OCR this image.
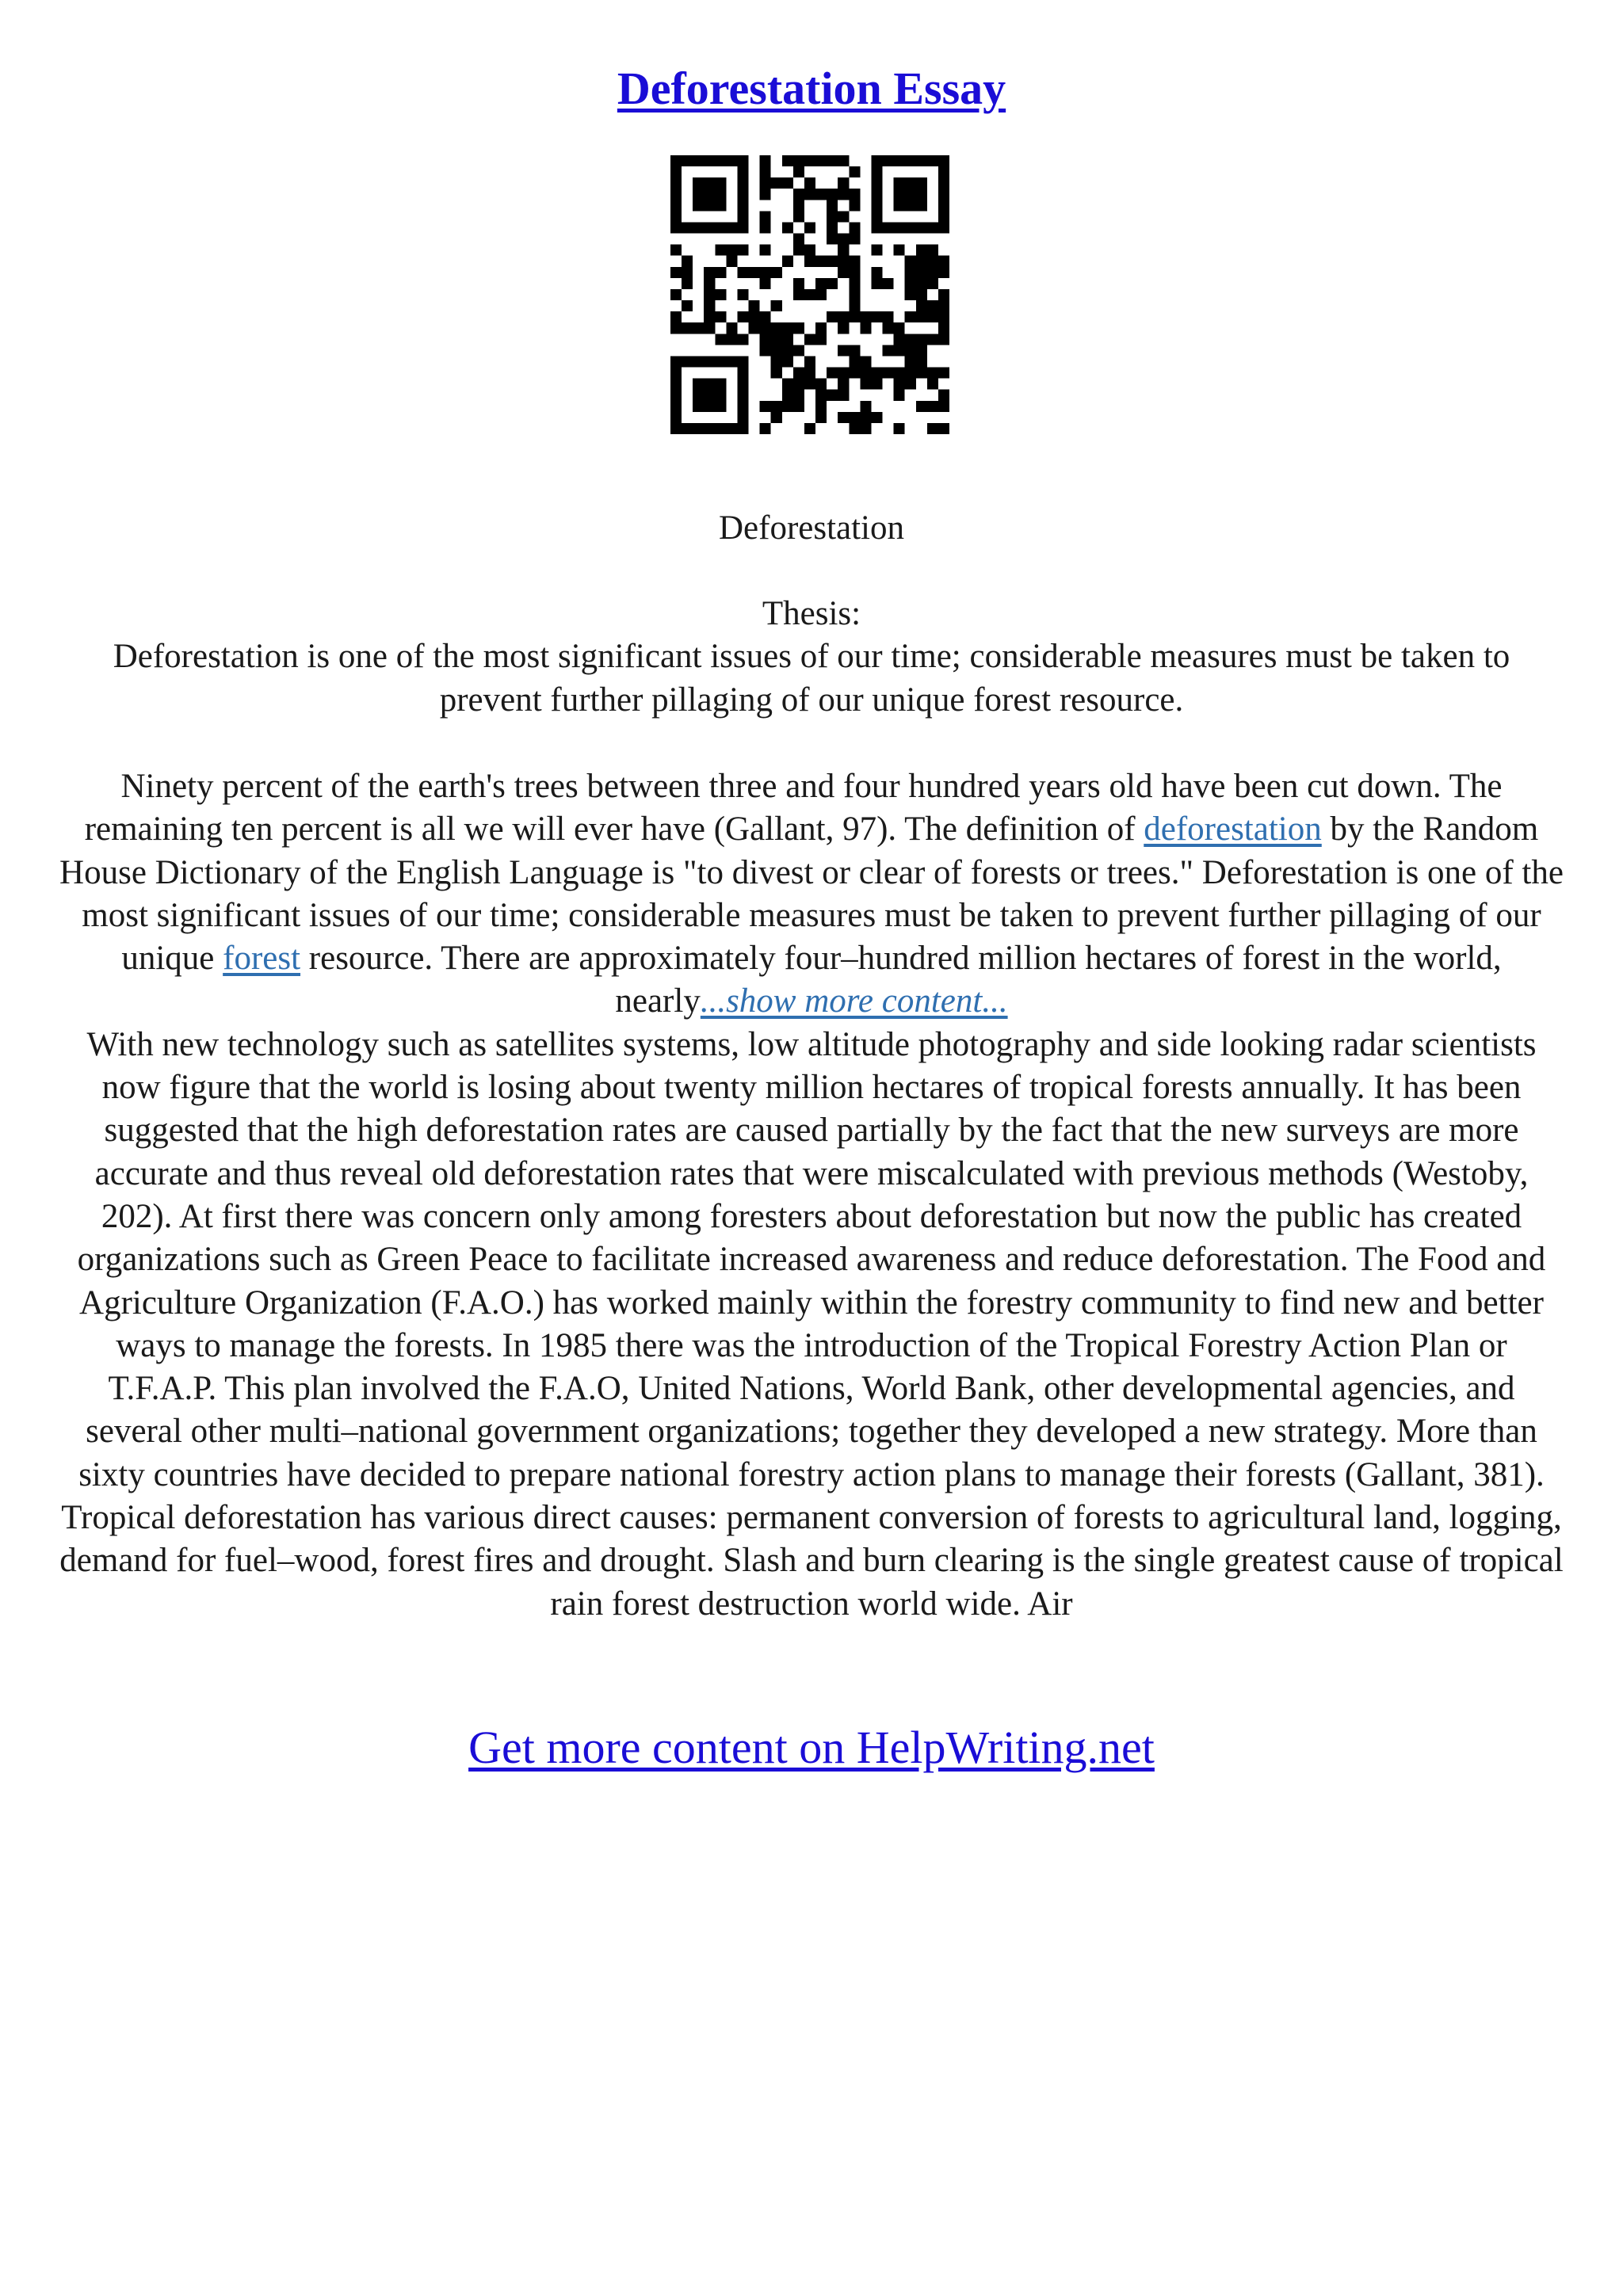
Deforestation Essay
Deforestation
Thesis:
Deforestation is one of the most significant issues of our time; considerable measures must be taken to prevent further pillaging of our unique forest resource.

Ninety percent of the earth's trees between three and four hundred years old have been cut down. The remaining ten percent is all we will ever have (Gallant, 97). The definition of deforestation by the Random House Dictionary of the English Language is "to divest or clear of forests or trees." Deforestation is one of the most significant issues of our time; considerable measures must be taken to prevent further pillaging of our unique forest resource. There are approximately four–hundred million hectares of forest in the world, nearly...show more content...

With new technology such as satellites systems, low altitude photography and side looking radar scientists now figure that the world is losing about twenty million hectares of tropical forests annually. It has been suggested that the high deforestation rates are caused partially by the fact that the new surveys are more accurate and thus reveal old deforestation rates that were miscalculated with previous methods (Westoby, 202). At first there was concern only among foresters about deforestation but now the public has created organizations such as Green Peace to facilitate increased awareness and reduce deforestation. The Food and Agriculture Organization (F.A.O.) has worked mainly within the forestry community to find new and better ways to manage the forests. In 1985 there was the introduction of the Tropical Forestry Action Plan or T.F.A.P. This plan involved the F.A.O, United Nations, World Bank, other developmental agencies, and several other multi–national government organizations; together they developed a new strategy. More than sixty countries have decided to prepare national forestry action plans to manage their forests (Gallant, 381). Tropical deforestation has various direct causes: permanent conversion of forests to agricultural land, logging, demand for fuel–wood, forest fires and drought. Slash and burn clearing is the single greatest cause of tropical rain forest destruction world wide. Air

Get more content on HelpWriting.net
